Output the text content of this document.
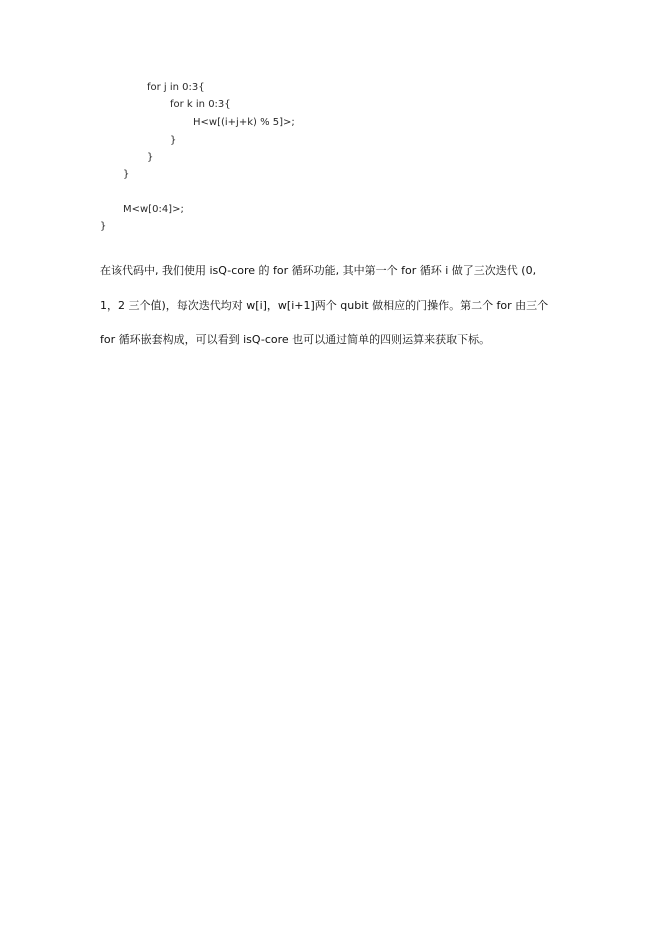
for j in 0:3{
for k in 0:3{
H<w[(i+j+k) % 5]>;
}
}
}
M<w[0:4]>;
}
在该代码中, 我们使用 isQ-core 的 for 循环功能, 其中第一个 for 循环 i 做了三次迭代 (0,
1，2 三个值)，每次迭代均对 w[i]，w[i+1]两个 qubit 做相应的门操作。第二个 for 由三个
for 循环嵌套构成，可以看到 isQ-core 也可以通过简单的四则运算来获取下标。
